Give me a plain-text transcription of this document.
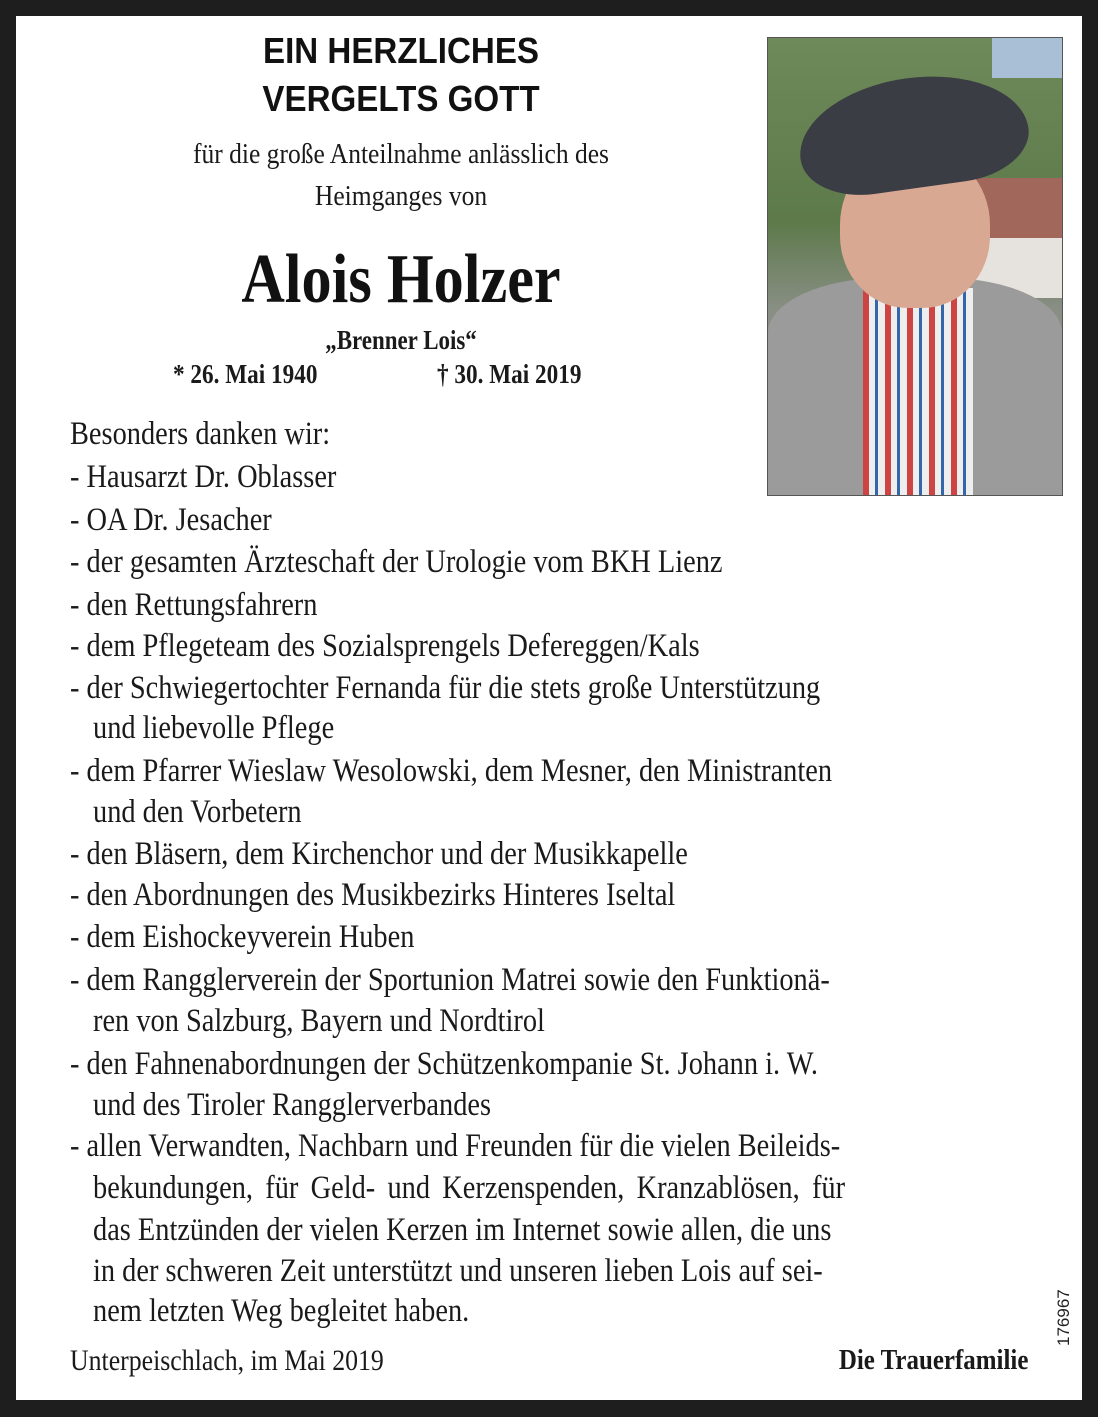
EIN HERZLICHES
VERGELTS GOTT
für die große Anteilnahme anlässlich des
Heimganges von
Alois Holzer
„Brenner Lois“
* 26. Mai 1940	† 30. Mai 2019
Besonders danken wir:
- Hausarzt Dr. Oblasser
- OA Dr. Jesacher
- der gesamten Ärzteschaft der Urologie vom BKH Lienz
- den Rettungsfahrern
- dem Pflegeteam des Sozialsprengels Defereggen/Kals
- der Schwiegertochter Fernanda für die stets große Unterstützung
und liebevolle Pflege
- dem Pfarrer Wieslaw Wesolowski, dem Mesner, den Ministranten
und den Vorbetern
- den Bläsern, dem Kirchenchor und der Musikkapelle
- den Abordnungen des Musikbezirks Hinteres Iseltal
- dem Eishockeyverein Huben
- dem Rangglerverein der Sportunion Matrei sowie den Funktionä-
ren von Salzburg, Bayern und Nordtirol
- den Fahnenabordnungen der Schützenkompanie St. Johann i. W.
und des Tiroler Rangglerverbandes
- allen Verwandten, Nachbarn und Freunden für die vielen Beileids-
bekundungen, für Geld- und Kerzenspenden, Kranzablösen, für
das Entzünden der vielen Kerzen im Internet sowie allen, die uns
in der schweren Zeit unterstützt und unseren lieben Lois auf sei-
nem letzten Weg begleitet haben.
Unterpeischlach, im Mai 2019	Die Trauerfamilie
176967
